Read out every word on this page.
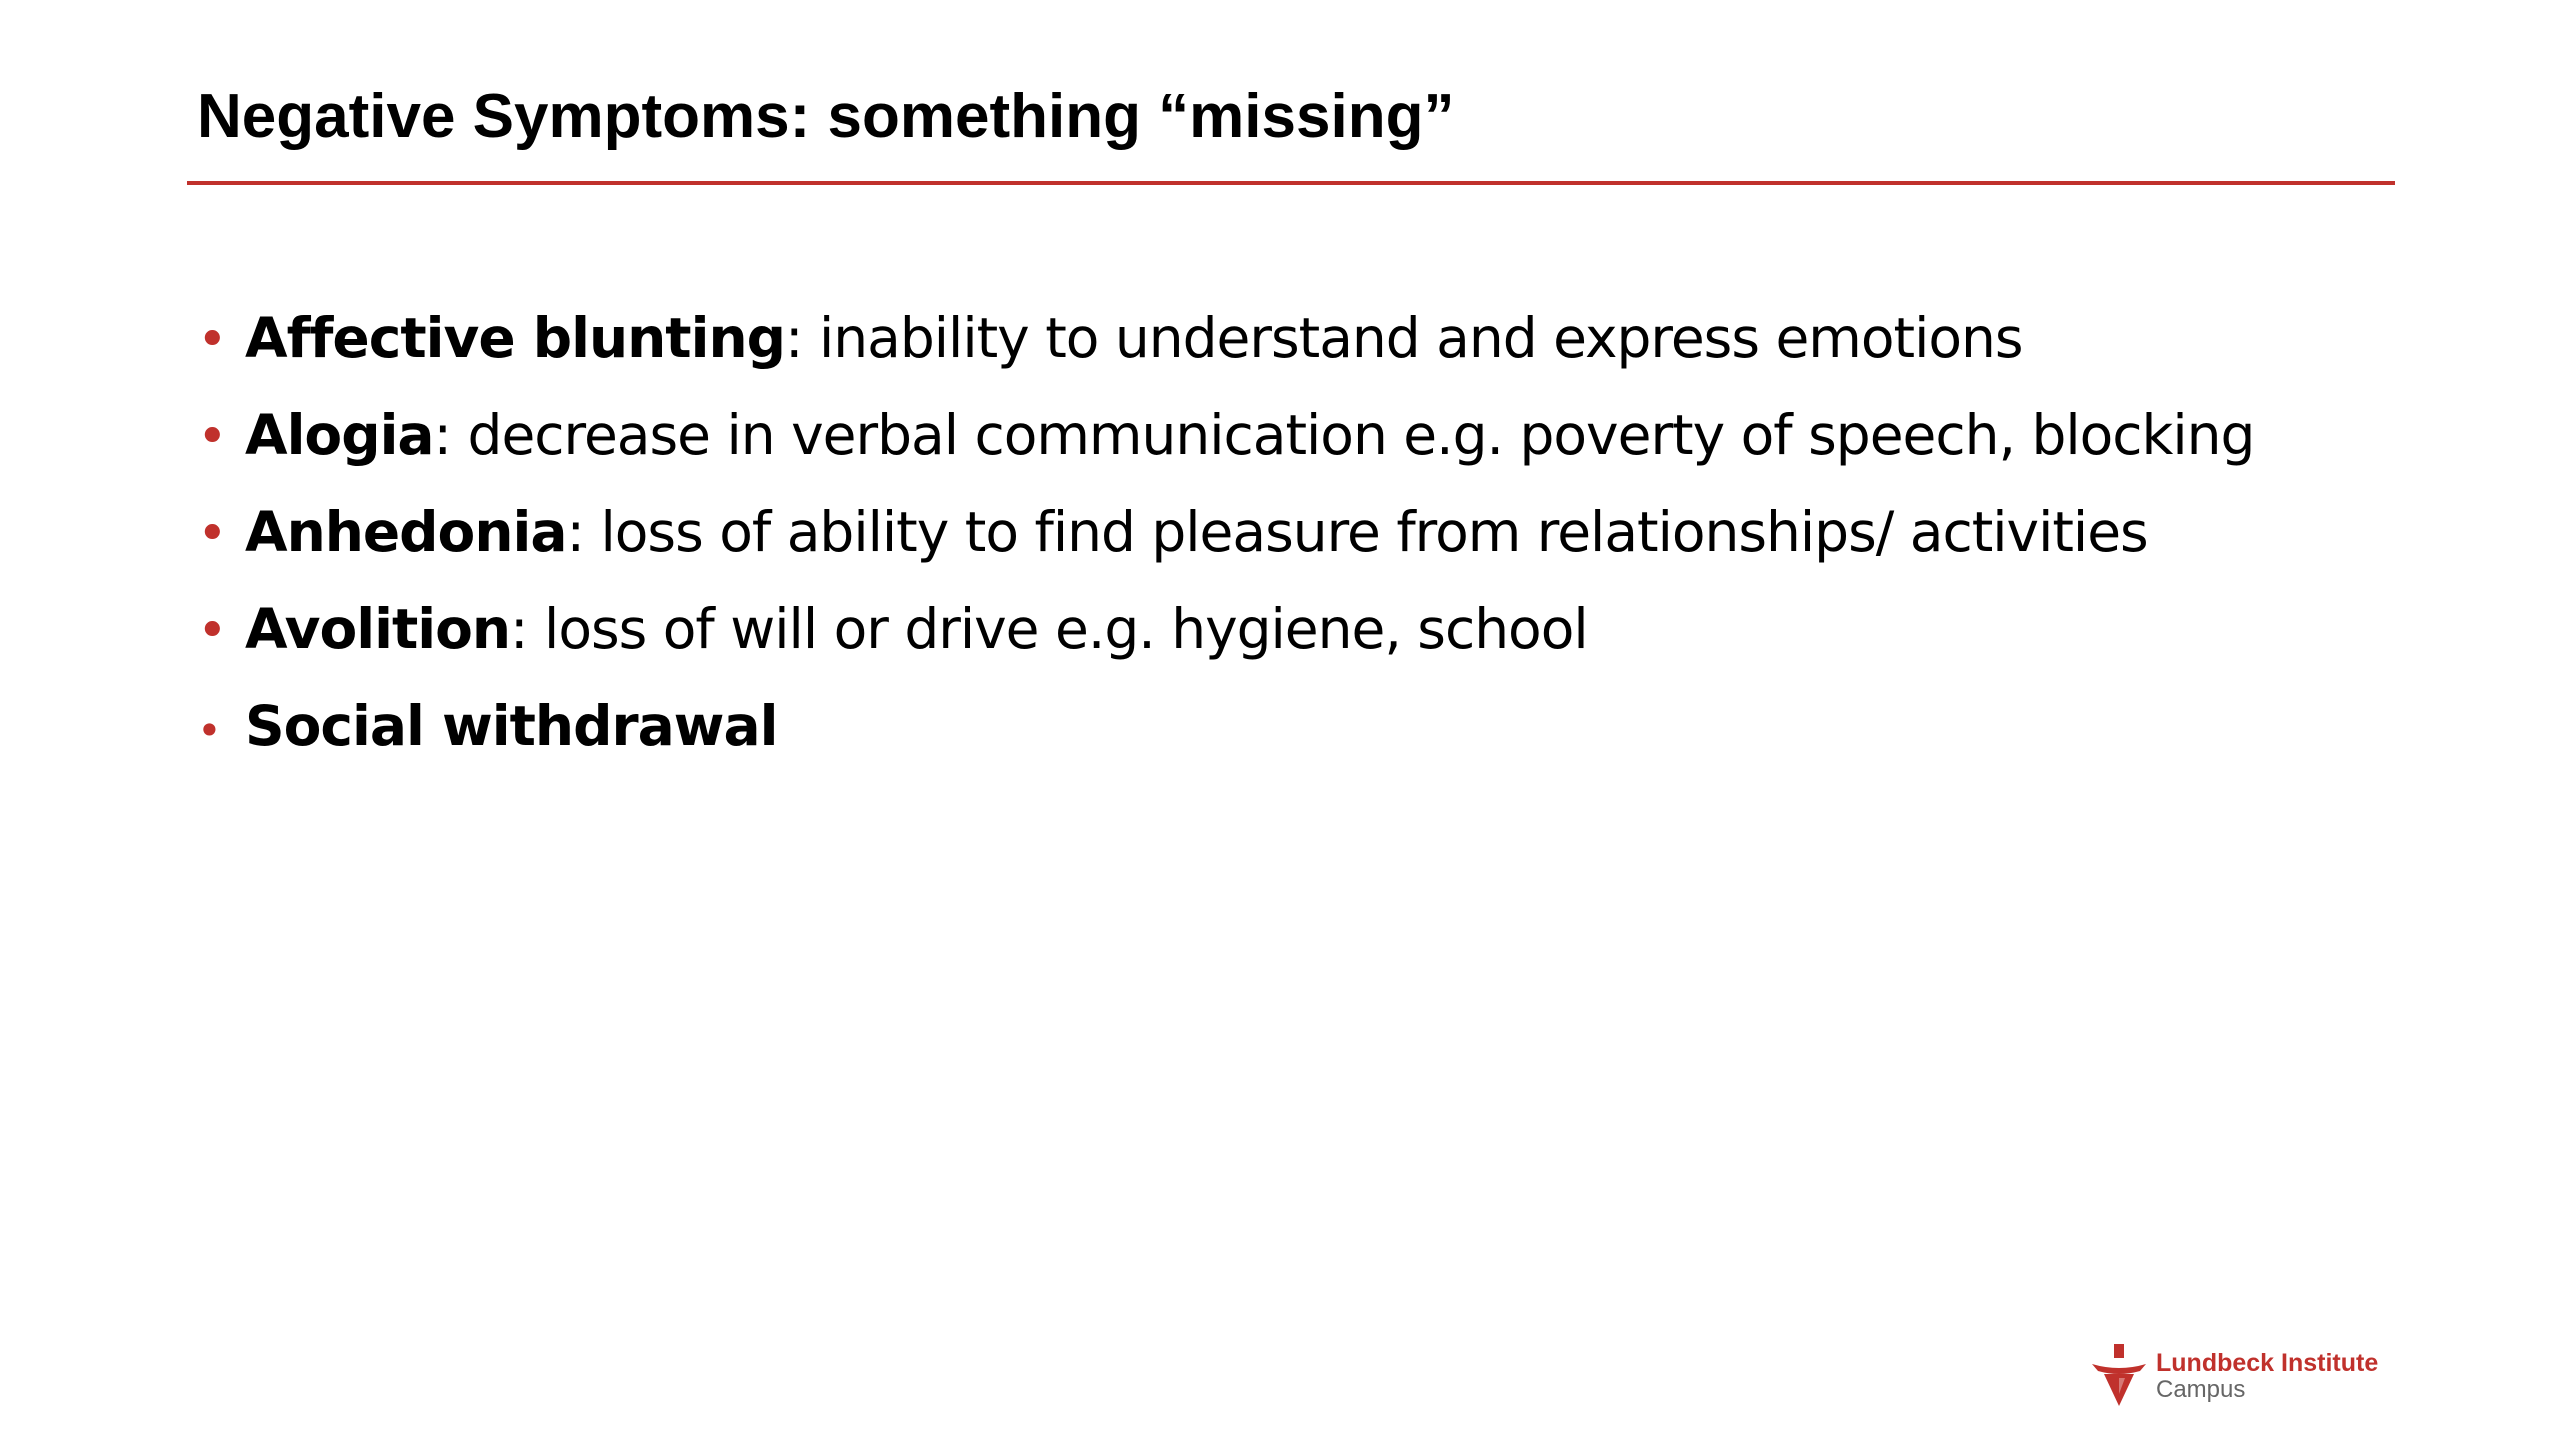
Negative Symptoms: something “missing”
• Affective blunting : inability to understand and express emotions
• Alogia : decrease in verbal communication e.g. poverty of speech, blocking
• Anhedonia : loss of ability to find pleasure from relationships/ activities
• Avolition : loss of will or drive e.g. hygiene, school
• Social withdrawal
Lundbeck Institute
Campus
